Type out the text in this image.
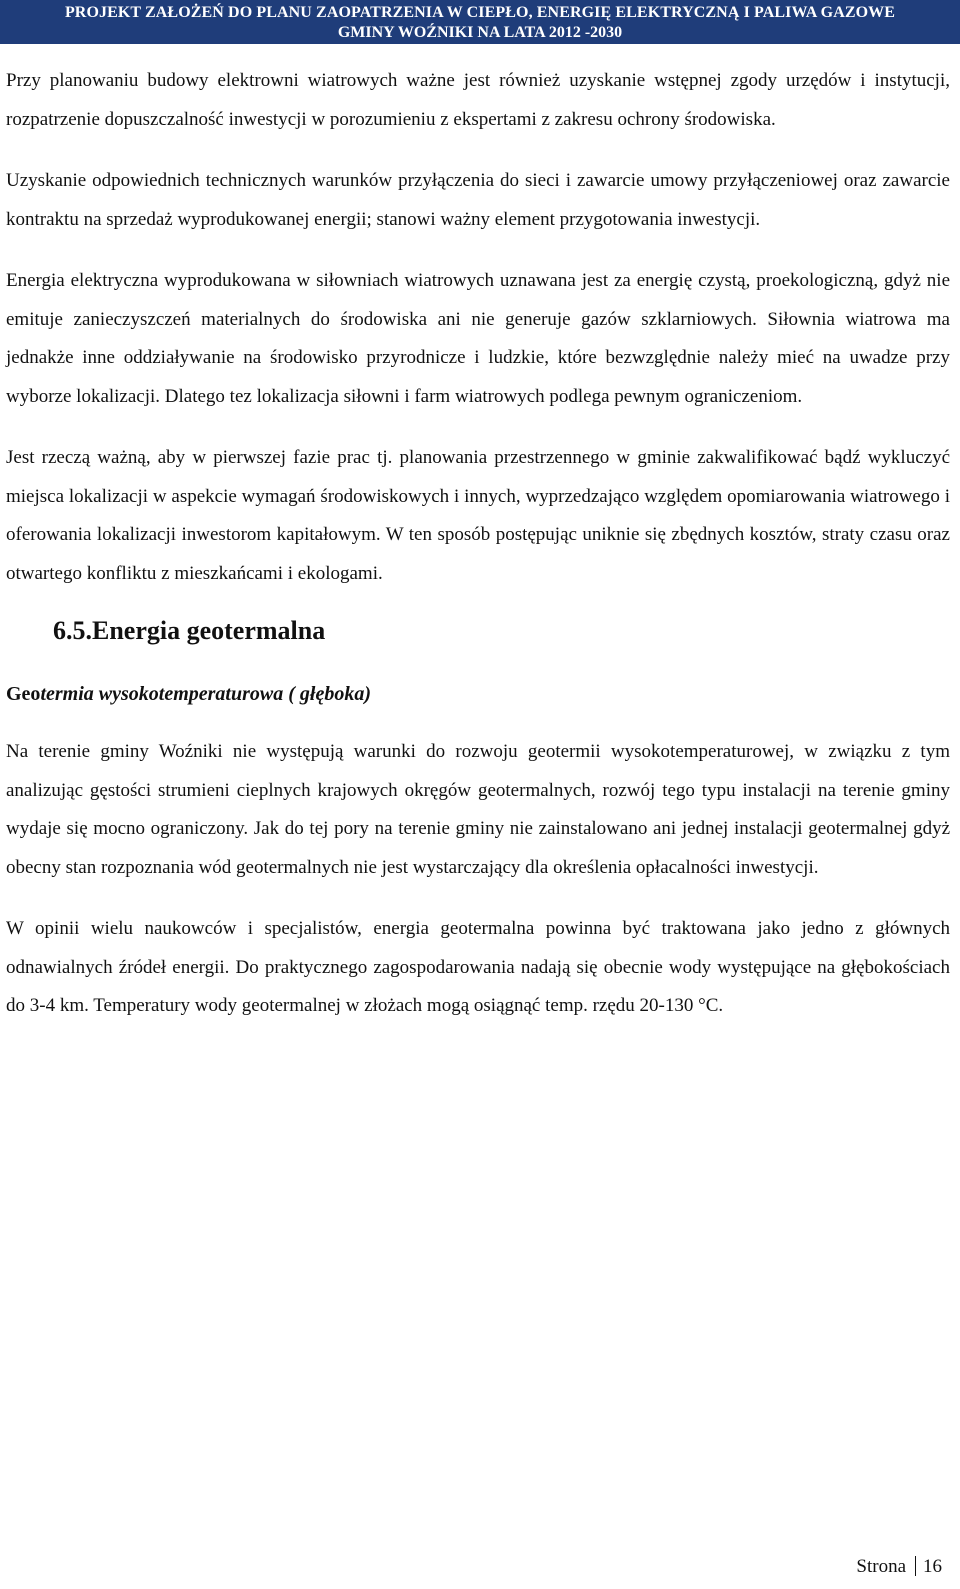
PROJEKT ZAŁOŻEŃ DO PLANU ZAOPATRZENIA W CIEPŁO, ENERGIĘ ELEKTRYCZNĄ I PALIWA GAZOWE
GMINY WOŹNIKI NA LATA 2012 -2030

Przy planowaniu budowy elektrowni wiatrowych ważne jest również uzyskanie wstępnej zgody urzędów i instytucji, rozpatrzenie dopuszczalność inwestycji w porozumieniu z ekspertami z zakresu ochrony środowiska.

Uzyskanie odpowiednich technicznych warunków przyłączenia do sieci i zawarcie umowy przyłączeniowej oraz zawarcie kontraktu na sprzedaż wyprodukowanej energii; stanowi ważny element przygotowania inwestycji.

Energia elektryczna wyprodukowana w siłowniach wiatrowych uznawana jest za energię czystą, proekologiczną, gdyż nie emituje zanieczyszczeń materialnych do środowiska ani nie generuje gazów szklarniowych. Siłownia wiatrowa ma jednakże inne oddziaływanie na środowisko przyrodnicze i ludzkie, które bezwzględnie należy mieć na uwadze przy wyborze lokalizacji. Dlatego tez lokalizacja siłowni i farm wiatrowych podlega pewnym ograniczeniom.

Jest rzeczą ważną, aby w pierwszej fazie prac tj. planowania przestrzennego w gminie zakwalifikować bądź wykluczyć miejsca lokalizacji w aspekcie wymagań środowiskowych i innych, wyprzedzająco względem opomiarowania wiatrowego i oferowania lokalizacji inwestorom kapitałowym. W ten sposób postępując uniknie się zbędnych kosztów, straty czasu oraz otwartego konfliktu z mieszkańcami i ekologami.

6.5.Energia geotermalna
Geotermia wysokotemperaturowa ( głęboka)

Na terenie gminy Woźniki nie występują warunki do rozwoju geotermii wysokotemperaturowej, w związku z tym analizując gęstości strumieni cieplnych krajowych okręgów geotermalnych, rozwój tego typu instalacji na terenie gminy wydaje się mocno ograniczony. Jak do tej pory na terenie gminy nie zainstalowano ani jednej instalacji geotermalnej gdyż obecny stan rozpoznania wód geotermalnych nie jest wystarczający dla określenia opłacalności inwestycji.

W opinii wielu naukowców i specjalistów, energia geotermalna powinna być traktowana jako jedno z głównych odnawialnych źródeł energii. Do praktycznego zagospodarowania nadają się obecnie wody występujące na głębokościach do 3-4 km. Temperatury wody geotermalnej w złożach mogą osiągnąć temp. rzędu 20-130 °C.

Strona 16
